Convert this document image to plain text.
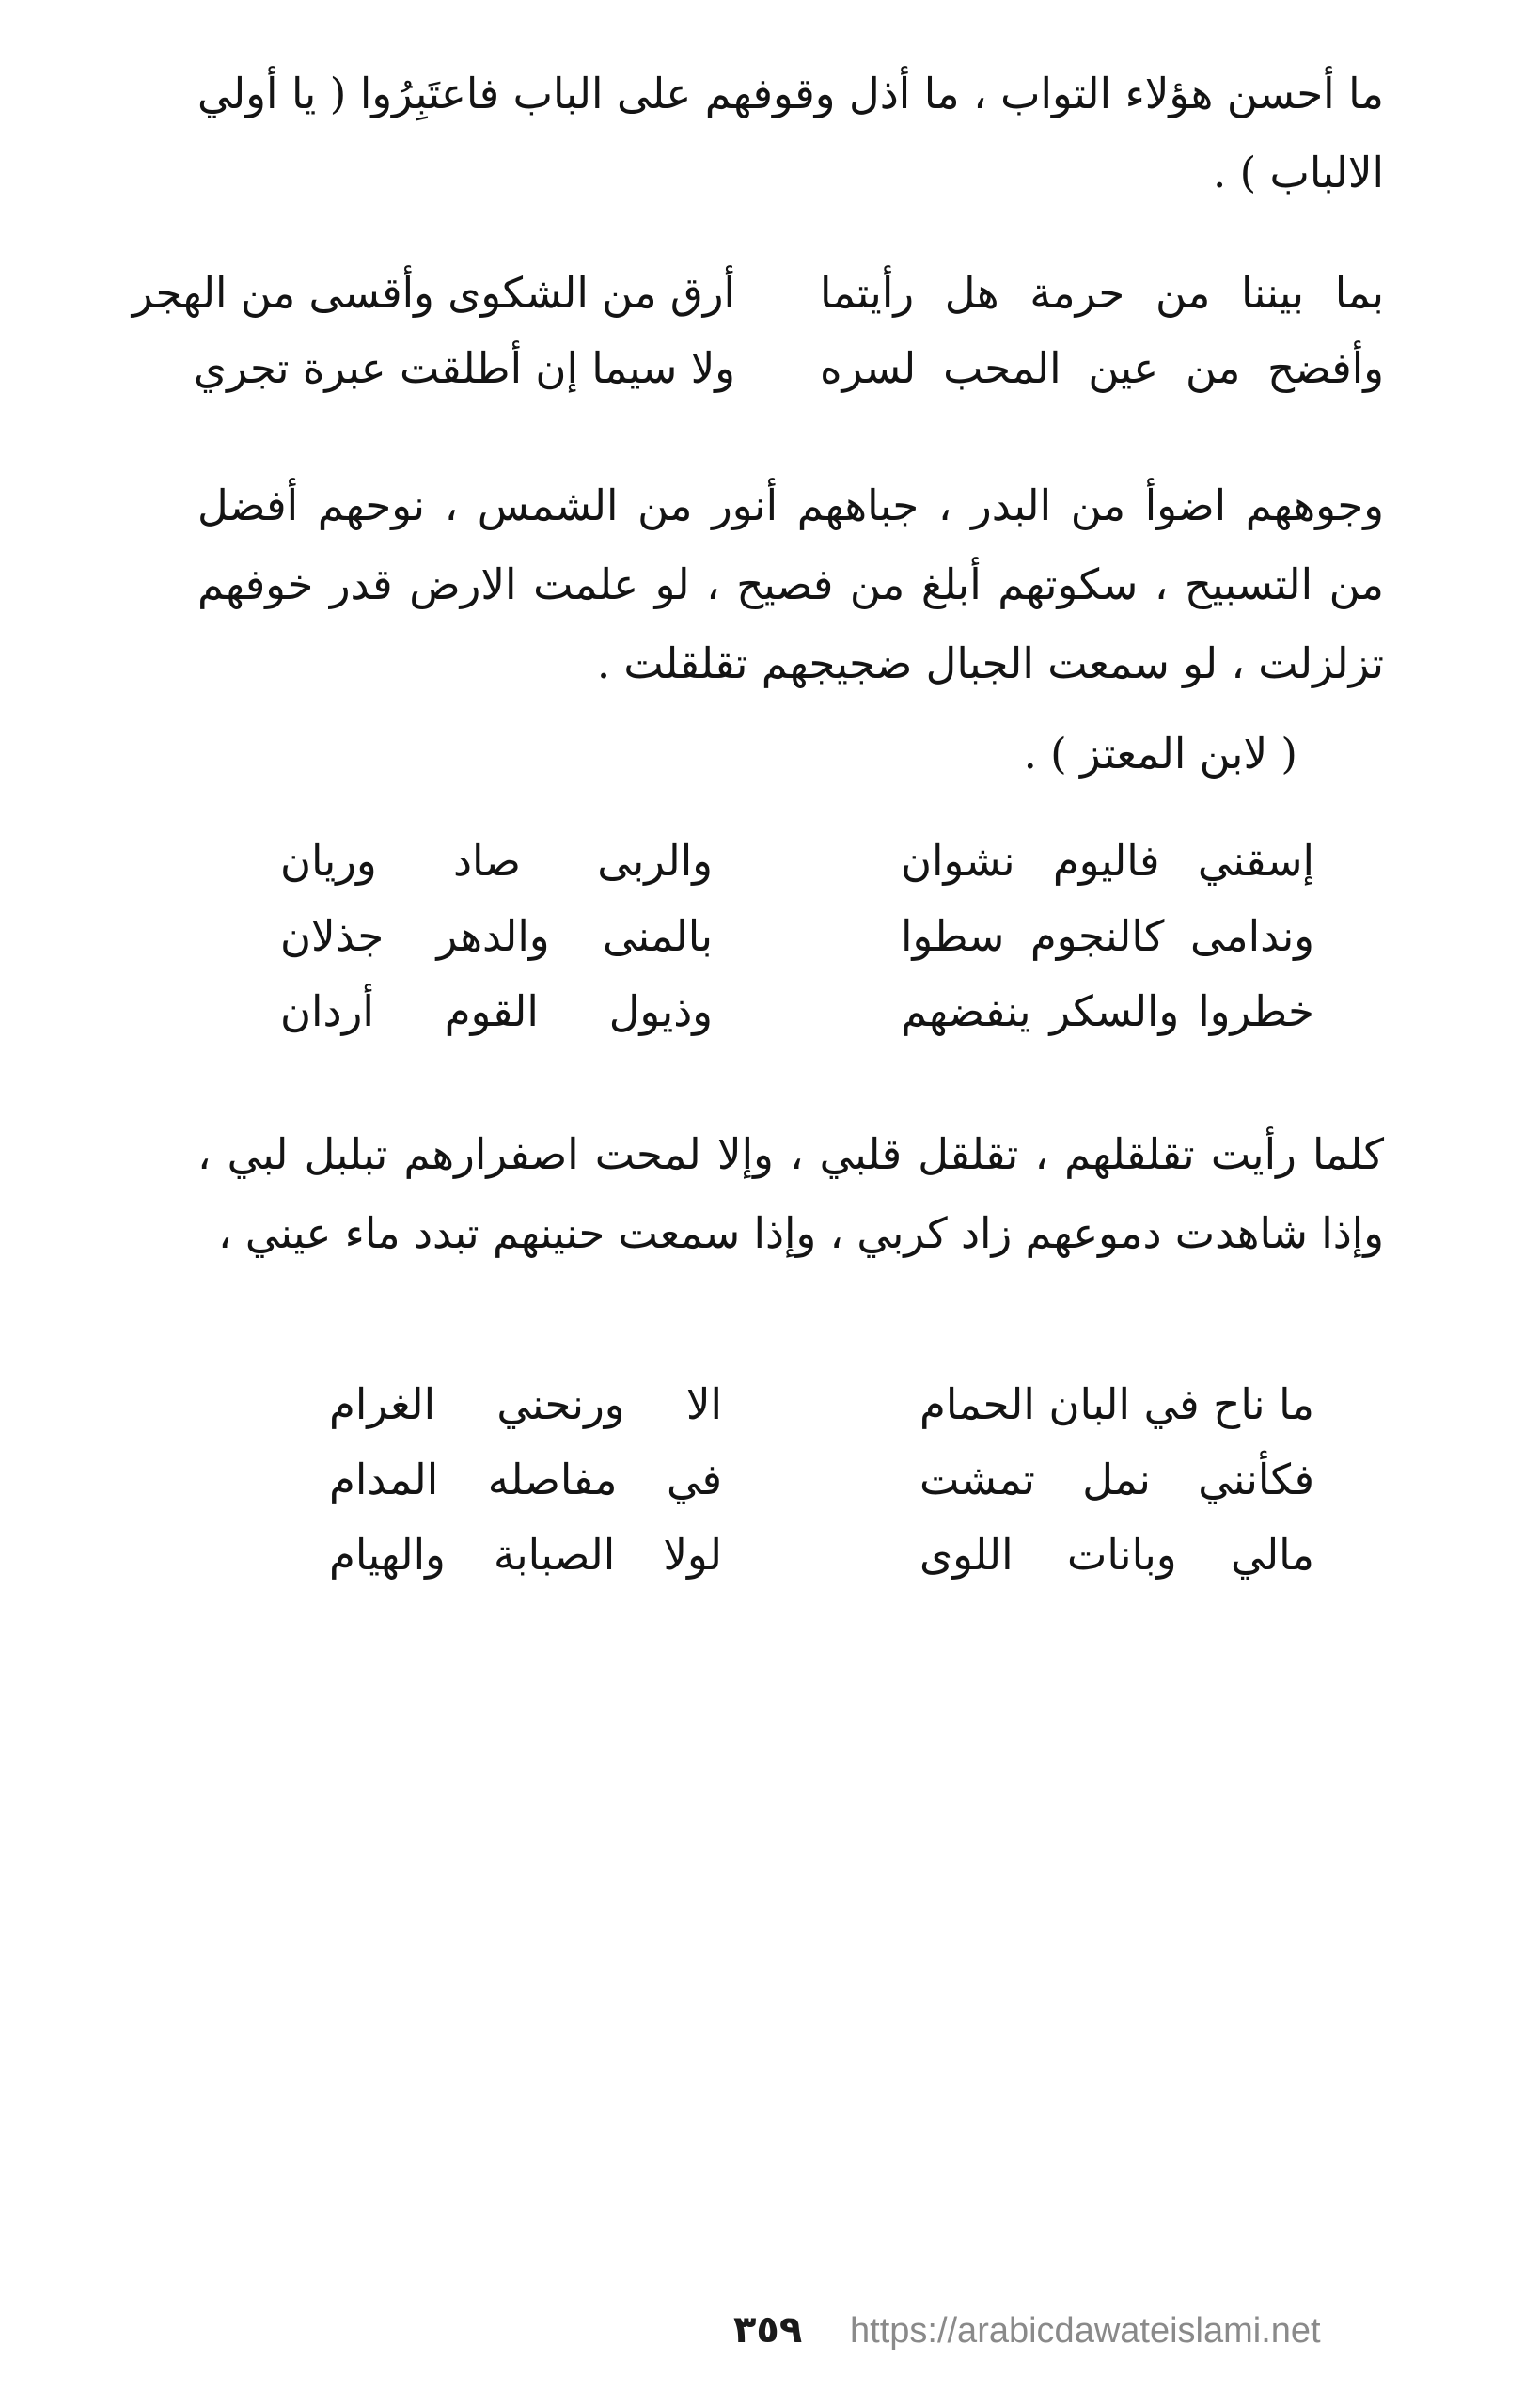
ما أحسن هؤلاء التواب ، ما أذل وقوفهم على الباب فاعتَبِرُوا ( يا أولي الالباب ) .

بما بيننا من حرمة هل رأيتما
أرق من الشكوى وأقسى من الهجر
وأفضح من عين المحب لسره
ولا سيما إن أطلقت عبرة تجري

وجوههم اضوأ من البدر ، جباههم أنور من الشمس ، نوحهم أفضل من التسبيح ، سكوتهم أبلغ من فصيح ، لو علمت الارض قدر خوفهم تزلزلت ، لو سمعت الجبال ضجيجهم تقلقلت .

( لابن المعتز ) .

إسقني فاليوم نشوان
والربى صاد وريان
وندامى كالنجوم سطوا
بالمنى والدهر جذلان
خطروا والسكر ينفضهم
وذيول القوم أردان

كلما رأيت تقلقلهم ، تقلقل قلبي ، وإلا لمحت اصفرارهم تبلبل لبي ، وإذا شاهدت دموعهم زاد كربي ، وإذا سمعت حنينهم تبدد ماء عيني ،

ما ناح في البان الحمام
الا ورنحني الغرام
فكأنني نمل تمشت
في مفاصله المدام
مالي وبانات اللوى
لولا الصبابة والهيام
٣٥٩ https://arabicdawateislami.net
